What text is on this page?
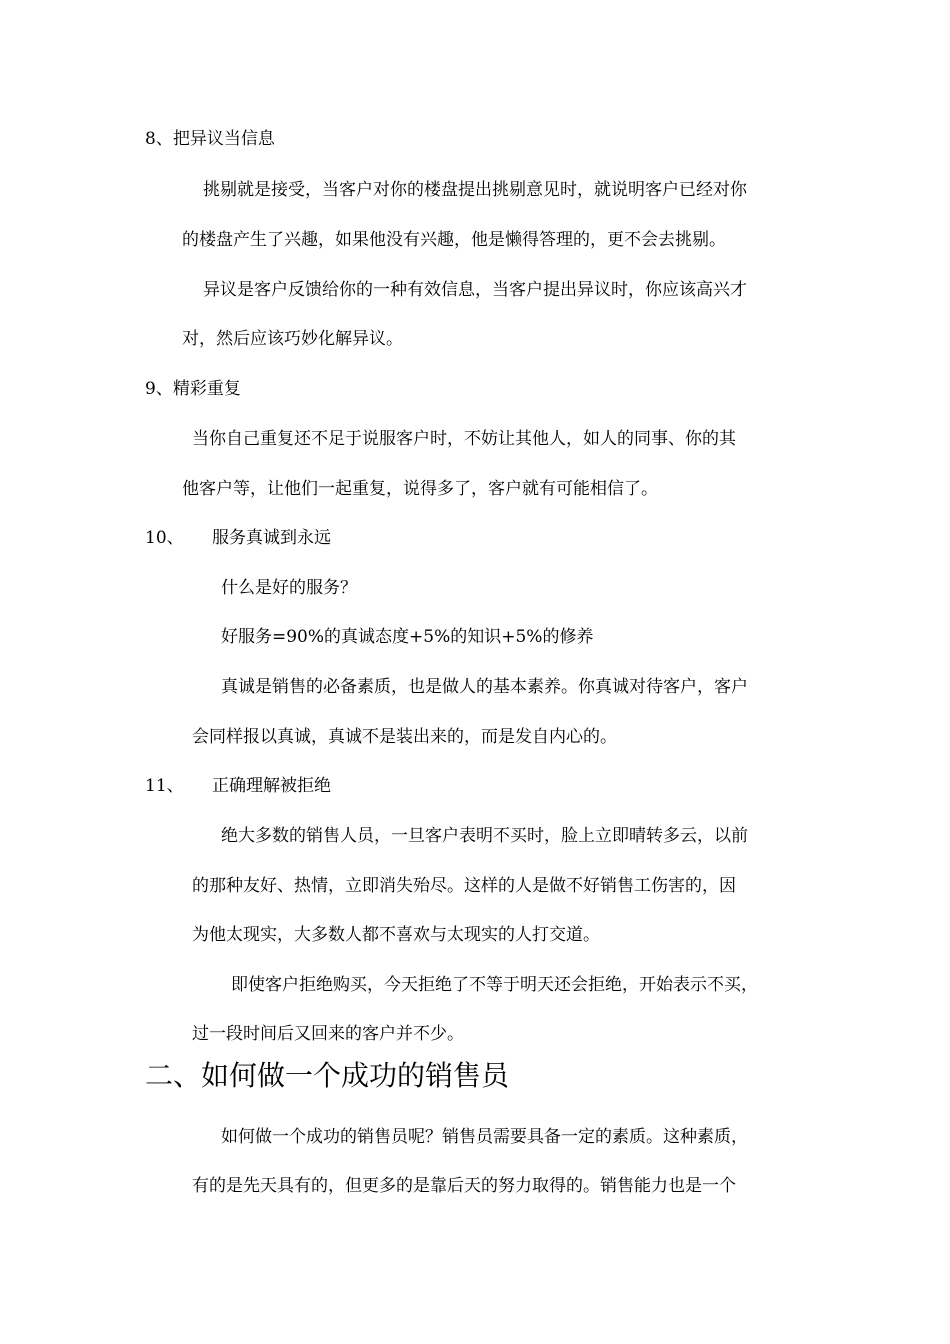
8、把异议当信息
挑剔就是接受，当客户对你的楼盘提出挑剔意见时，就说明客户已经对你
的楼盘产生了兴趣，如果他没有兴趣，他是懒得答理的，更不会去挑剔。
异议是客户反馈给你的一种有效信息，当客户提出异议时，你应该高兴才
对，然后应该巧妙化解异议。
9、精彩重复
当你自己重复还不足于说服客户时，不妨让其他人，如人的同事、你的其
他客户等，让他们一起重复，说得多了，客户就有可能相信了。
10、 服务真诚到永远
什么是好的服务？
好服务=90%的真诚态度+5%的知识+5%的修养
真诚是销售的必备素质，也是做人的基本素养。你真诚对待客户，客户
会同样报以真诚，真诚不是装出来的，而是发自内心的。
11、 正确理解被拒绝
绝大多数的销售人员，一旦客户表明不买时，脸上立即晴转多云，以前
的那种友好、热情，立即消失殆尽。这样的人是做不好销售工伤害的，因
为他太现实，大多数人都不喜欢与太现实的人打交道。
即使客户拒绝购买，今天拒绝了不等于明天还会拒绝，开始表示不买，
过一段时间后又回来的客户并不少。
二、如何做一个成功的销售员
如何做一个成功的销售员呢？销售员需要具备一定的素质。这种素质，
有的是先天具有的，但更多的是靠后天的努力取得的。销售能力也是一个
